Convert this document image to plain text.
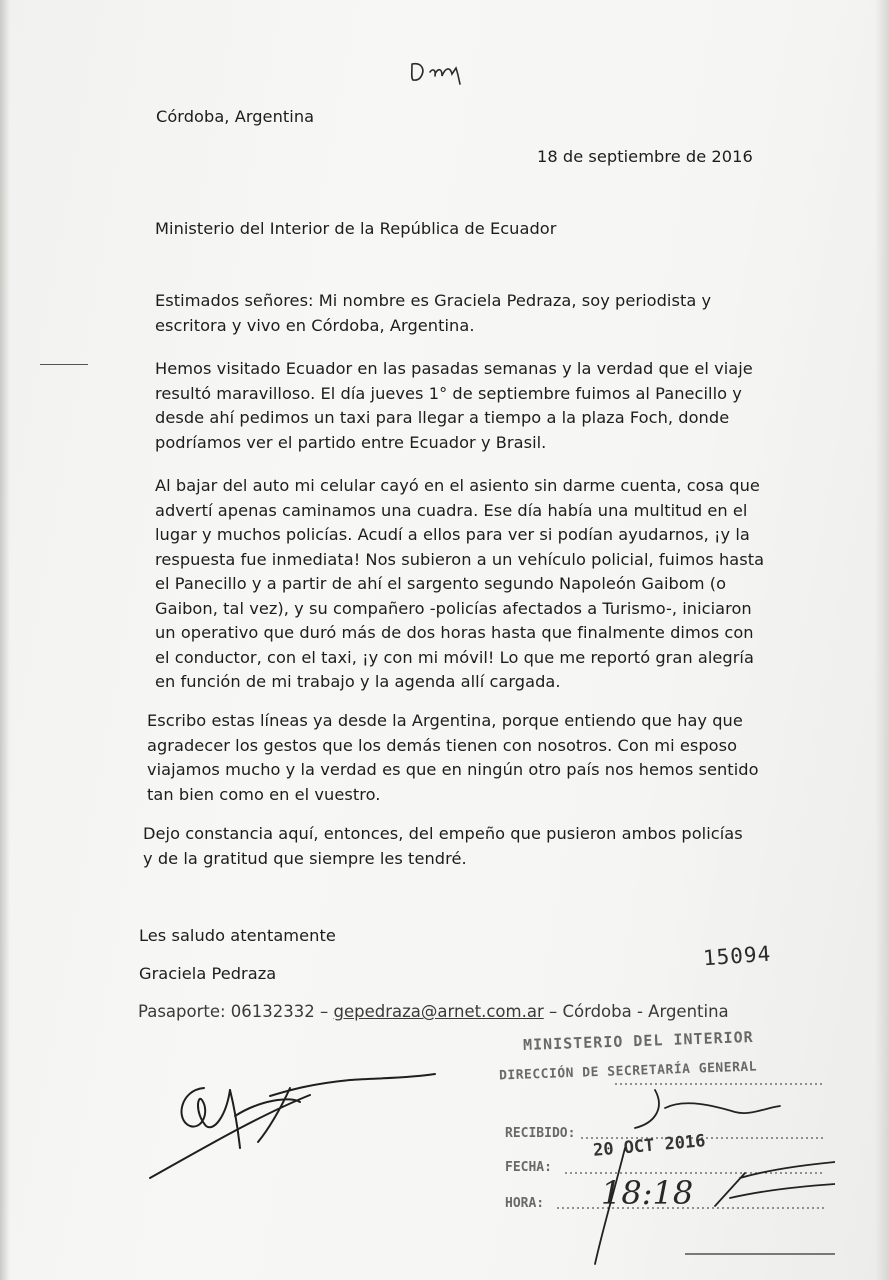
Córdoba, Argentina
18 de septiembre de 2016
Ministerio del Interior de la República de Ecuador
Estimados señores: Mi nombre es Graciela Pedraza, soy periodista y
escritora y vivo en Córdoba, Argentina.
Hemos visitado Ecuador en las pasadas semanas y la verdad que el viaje
resultó maravilloso. El día jueves 1° de septiembre fuimos al Panecillo y
desde ahí pedimos un taxi para llegar a tiempo a la plaza Foch, donde
podríamos ver el partido entre Ecuador y Brasil.
Al bajar del auto mi celular cayó en el asiento sin darme cuenta, cosa que
advertí apenas caminamos una cuadra. Ese día había una multitud en el
lugar y muchos policías. Acudí a ellos para ver si podían ayudarnos, ¡y la
respuesta fue inmediata! Nos subieron a un vehículo policial, fuimos hasta
el Panecillo y a partir de ahí el sargento segundo Napoleón Gaibom (o
Gaibon, tal vez), y su compañero -policías afectados a Turismo-, iniciaron
un operativo que duró más de dos horas hasta que finalmente dimos con
el conductor, con el taxi, ¡y con mi móvil! Lo que me reportó gran alegría
en función de mi trabajo y la agenda allí cargada.
Escribo estas líneas ya desde la Argentina, porque entiendo que hay que
agradecer los gestos que los demás tienen con nosotros. Con mi esposo
viajamos mucho y la verdad es que en ningún otro país nos hemos sentido
tan bien como en el vuestro.
Dejo constancia aquí, entonces, del empeño que pusieron ambos policías
y de la gratitud que siempre les tendré.
Les saludo atentamente
Graciela Pedraza
15094
Pasaporte: 06132332 – gepedraza@arnet.com.ar – Córdoba - Argentina
MINISTERIO DEL INTERIOR
DIRECCIÓN DE SECRETARÍA GENERAL
RECIBIDO:
FECHA:
20 OCT 2016
HORA: 18:18
